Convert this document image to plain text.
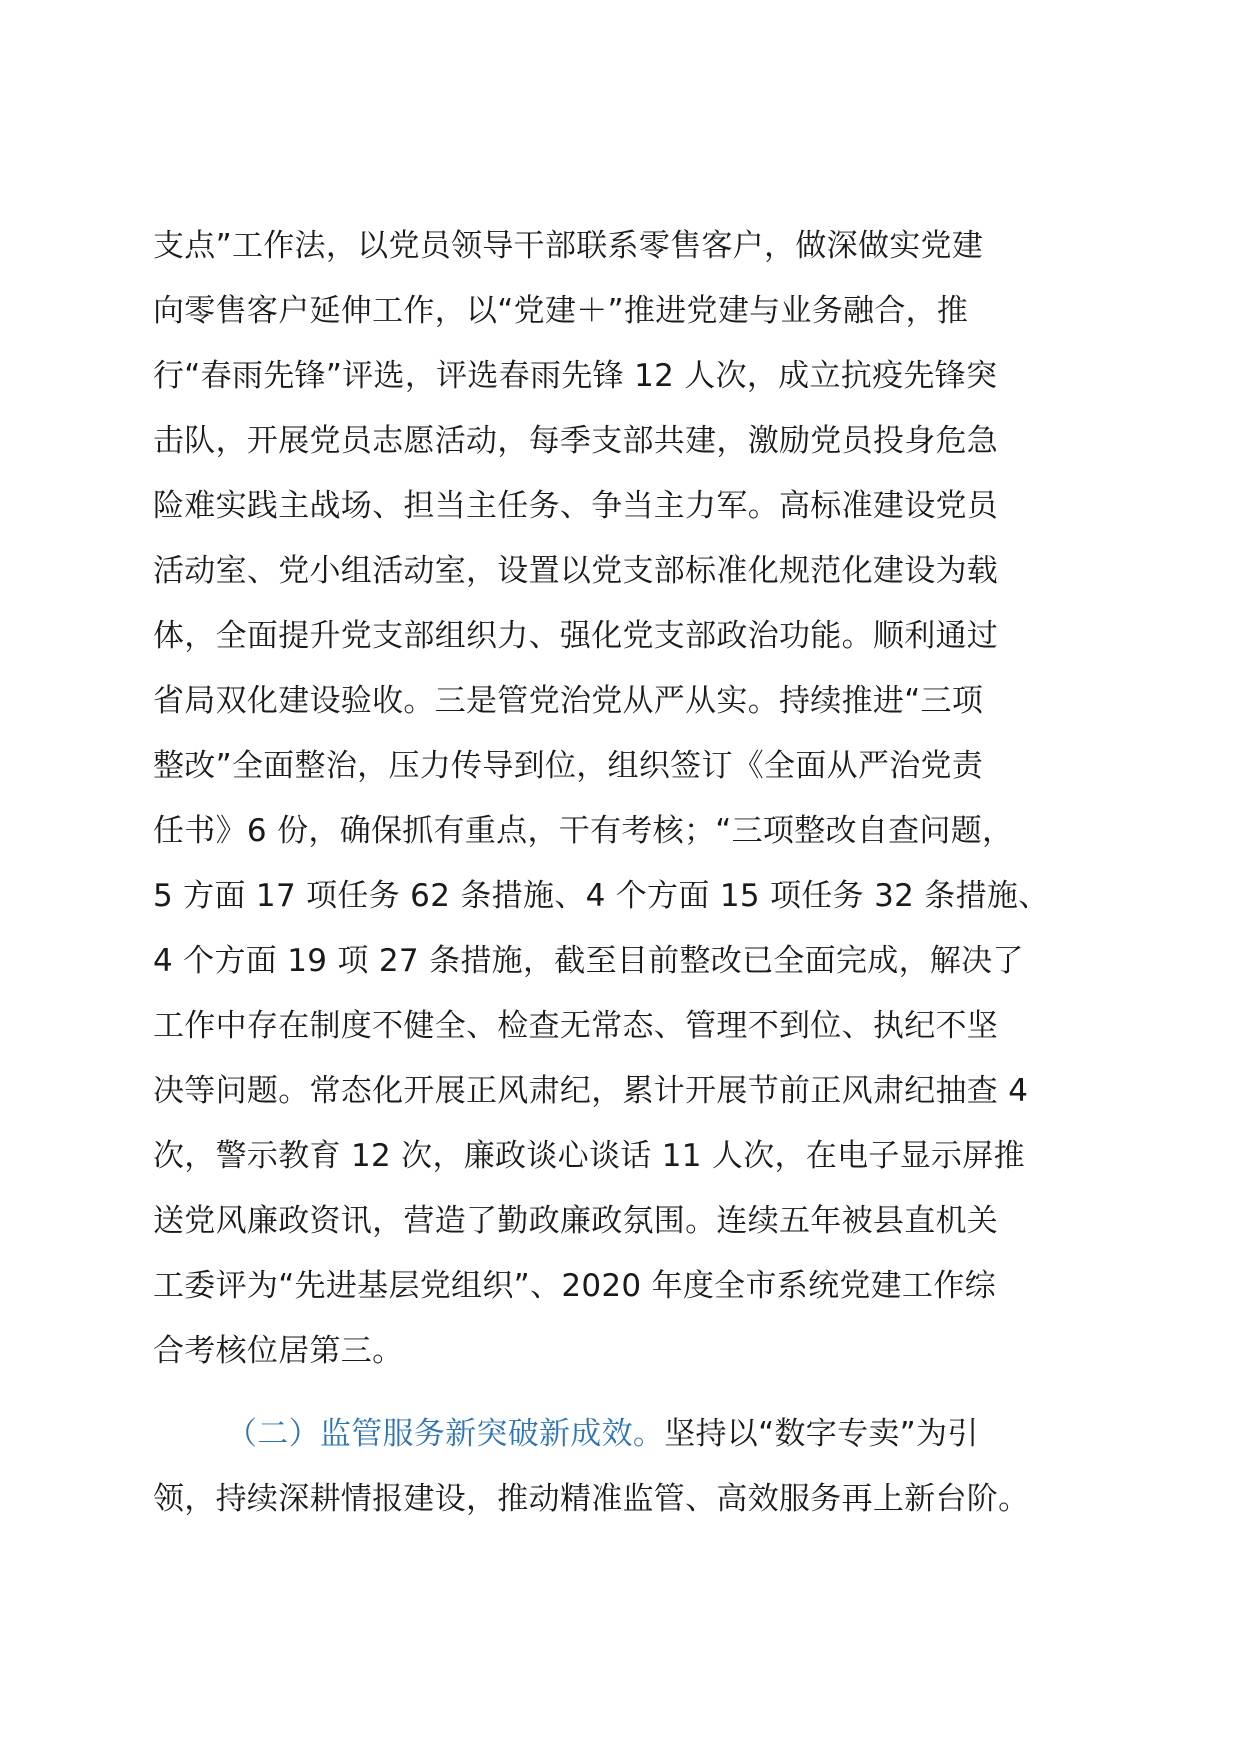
支点”工作法，以党员领导干部联系零售客户，做深做实党建
向零售客户延伸工作，以“党建＋”推进党建与业务融合，推
行“春雨先锋”评选，评选春雨先锋 12 人次，成立抗疫先锋突
击队，开展党员志愿活动，每季支部共建，激励党员投身危急
险难实践主战场、担当主任务、争当主力军。高标准建设党员
活动室、党小组活动室，设置以党支部标准化规范化建设为载
体，全面提升党支部组织力、强化党支部政治功能。顺利通过
省局双化建设验收。三是管党治党从严从实。持续推进“三项
整改”全面整治，压力传导到位，组织签订《全面从严治党责
任书》6 份，确保抓有重点，干有考核；“三项整改自查问题，
5 方面 17 项任务 62 条措施、4 个方面 15 项任务 32 条措施、
4 个方面 19 项 27 条措施，截至目前整改已全面完成，解决了
工作中存在制度不健全、检查无常态、管理不到位、执纪不坚
决等问题。常态化开展正风肃纪，累计开展节前正风肃纪抽查 4
次，警示教育 12 次，廉政谈心谈话 11 人次，在电子显示屏推
送党风廉政资讯，营造了勤政廉政氛围。连续五年被县直机关
工委评为“先进基层党组织”、2020 年度全市系统党建工作综
合考核位居第三。
（二）监管服务新突破新成效。坚持以“数字专卖”为引
领，持续深耕情报建设，推动精准监管、高效服务再上新台阶。
